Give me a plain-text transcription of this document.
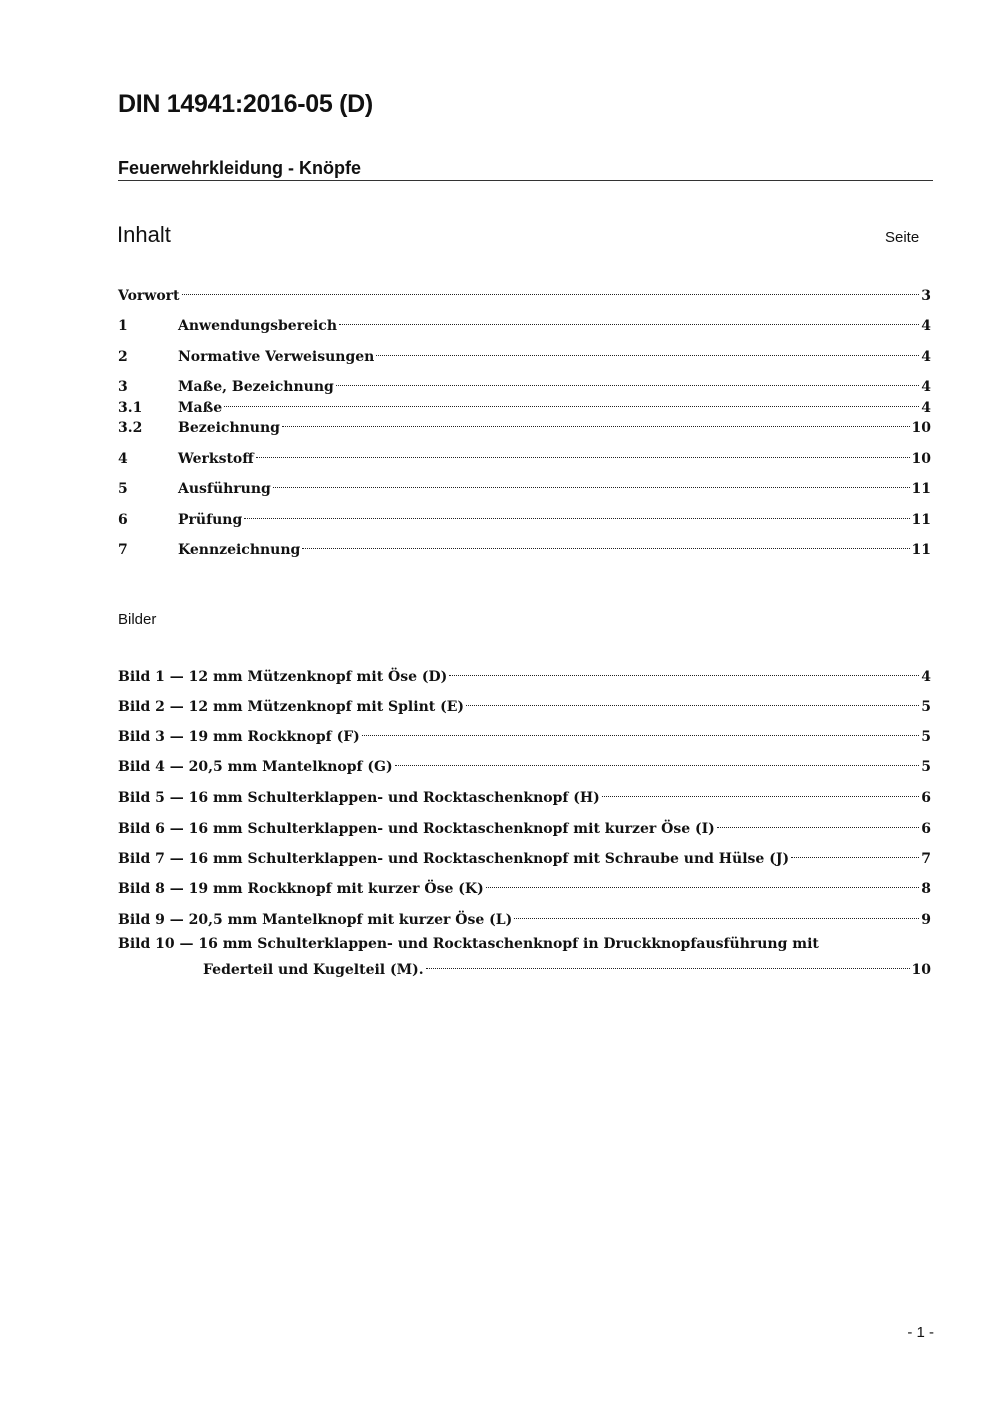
DIN 14941:2016-05 (D)
Feuerwehrkleidung - Knöpfe
Inhalt	Seite
Vorwort	3
1	Anwendungsbereich	4
2	Normative Verweisungen	4
3	Maße, Bezeichnung	4
3.1	Maße	4
3.2	Bezeichnung	10
4	Werkstoff	10
5	Ausführung	11
6	Prüfung	11
7	Kennzeichnung	11
Bilder
Bild 1 — 12 mm Mützenknopf mit Öse (D)	4
Bild 2 — 12 mm Mützenknopf mit Splint (E)	5
Bild 3 — 19 mm Rockknopf (F)	5
Bild 4 — 20,5 mm Mantelknopf (G)	5
Bild 5 — 16 mm Schulterklappen- und Rocktaschenknopf (H)	6
Bild 6 — 16 mm Schulterklappen- und Rocktaschenknopf mit kurzer Öse (I)	6
Bild 7 — 16 mm Schulterklappen- und Rocktaschenknopf mit Schraube und Hülse (J)	7
Bild 8 — 19 mm Rockknopf mit kurzer Öse (K)	8
Bild 9 — 20,5 mm Mantelknopf mit kurzer Öse (L)	9
Bild 10 — 16 mm Schulterklappen- und Rocktaschenknopf in Druckknopfausführung mit
Federteil und Kugelteil (M).	10
- 1 -
